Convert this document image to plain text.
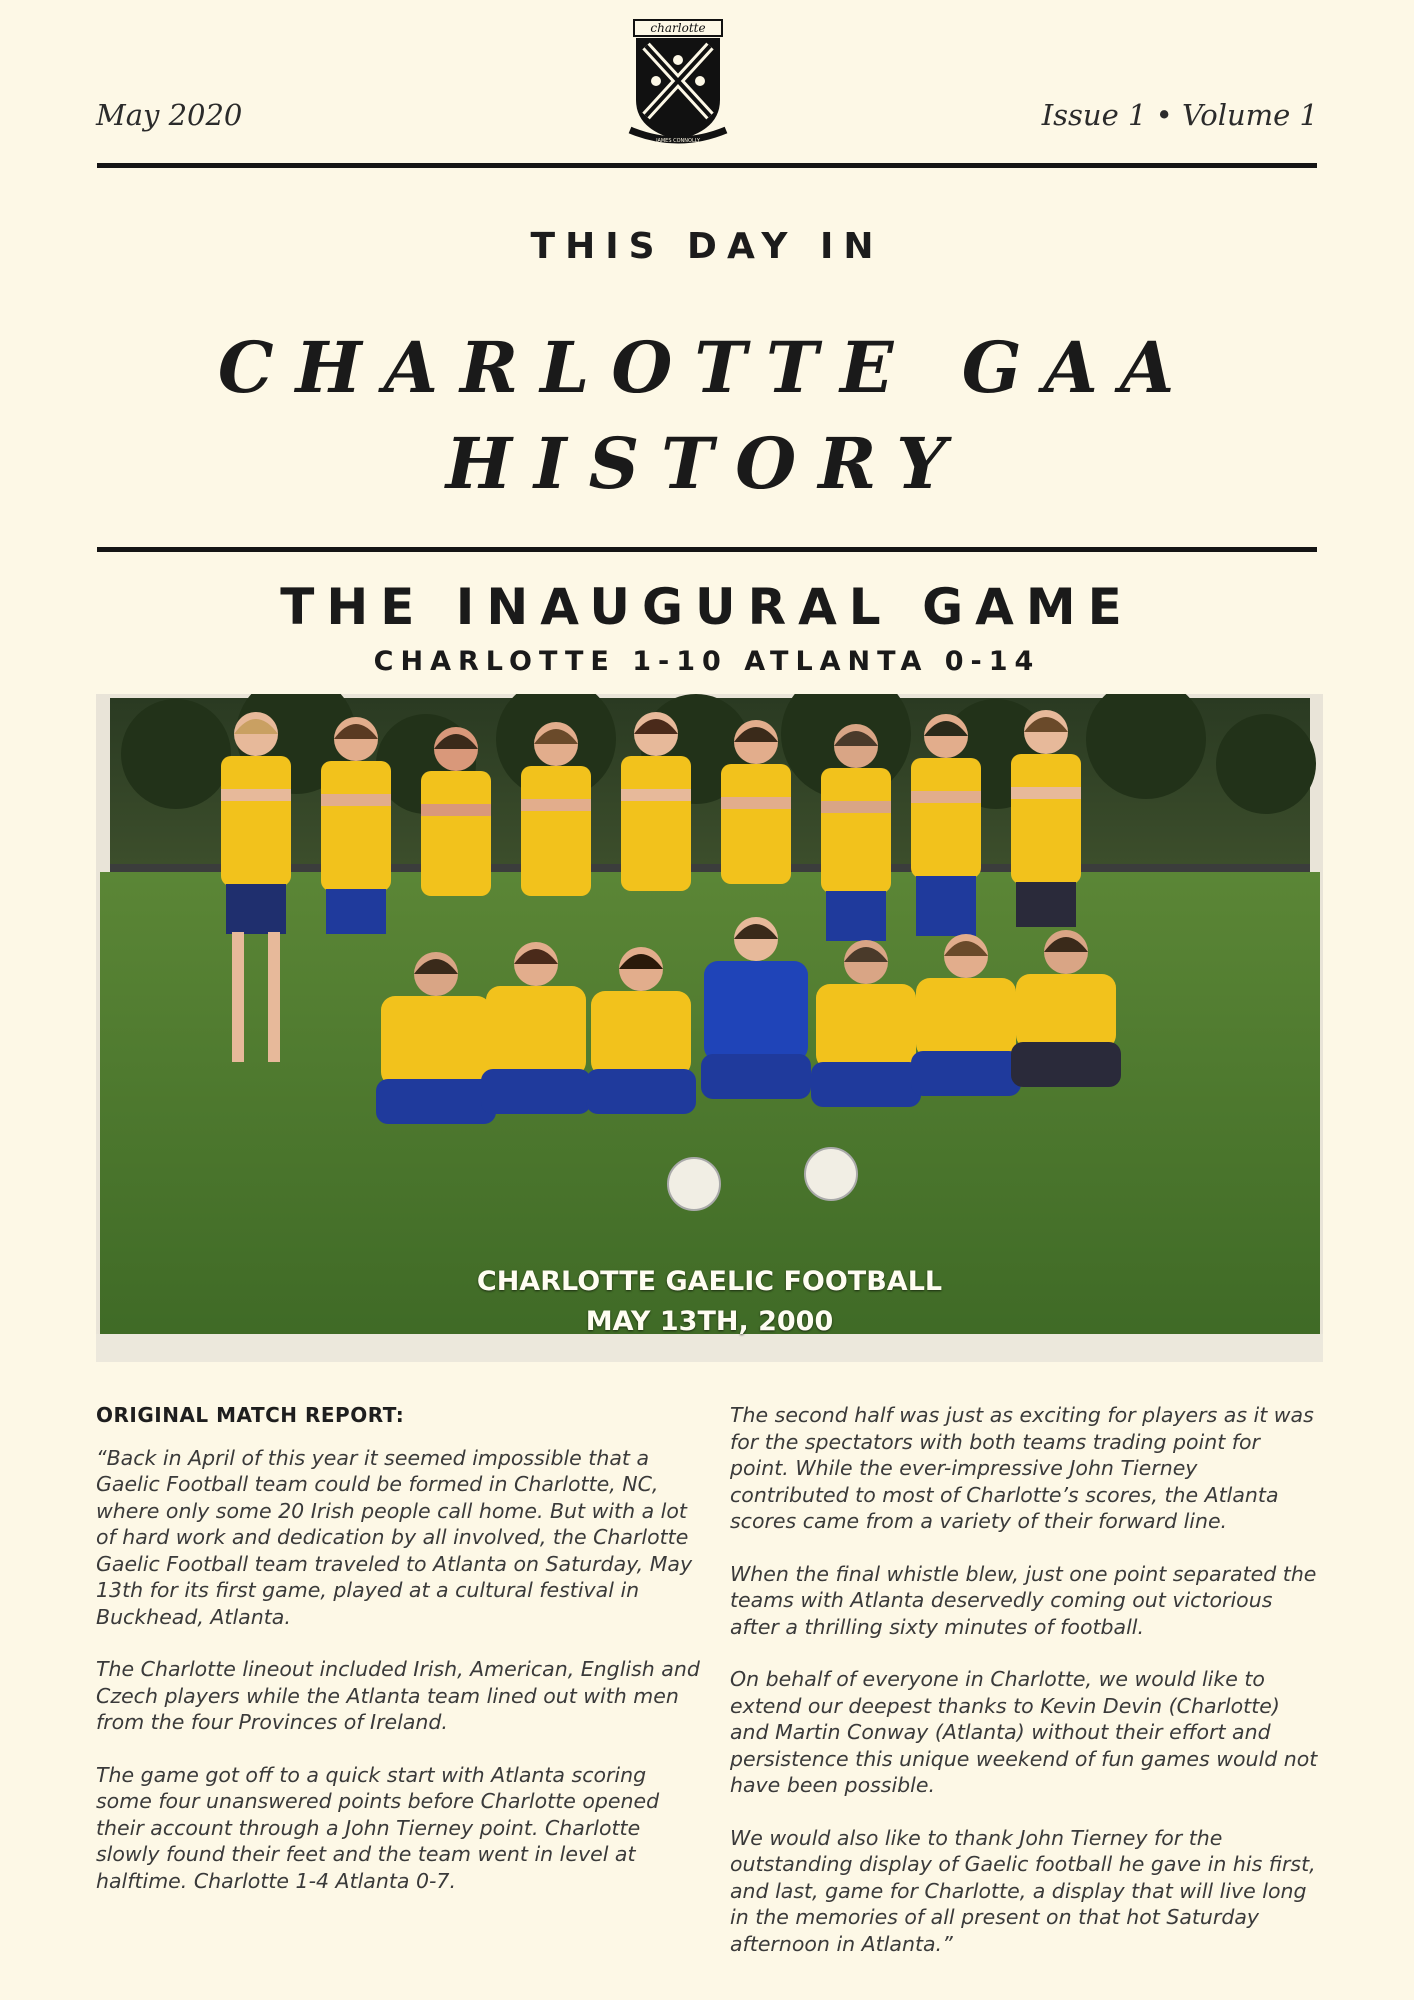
May 2020	Issue 1 • Volume 1
charlotte
JAMES CONNOLLY
THIS DAY IN
CHARLOTTE GAA
HISTORY
THE INAUGURAL GAME
CHARLOTTE 1-10 ATLANTA 0-14
CHARLOTTE GAELIC FOOTBALL
MAY 13TH, 2000

ORIGINAL MATCH REPORT:

“Back in April of this year it seemed impossible that a Gaelic Football team could be formed in Charlotte, NC, where only some 20 Irish people call home. But with a lot of hard work and dedication by all involved, the Charlotte Gaelic Football team traveled to Atlanta on Saturday, May 13th for its first game, played at a cultural festival in Buckhead, Atlanta.

The Charlotte lineout included Irish, American, English and Czech players while the Atlanta team lined out with men from the four Provinces of Ireland.

The game got off to a quick start with Atlanta scoring some four unanswered points before Charlotte opened their account through a John Tierney point. Charlotte slowly found their feet and the team went in level at halftime. Charlotte 1-4 Atlanta 0-7.

The second half was just as exciting for players as it was for the spectators with both teams trading point for point. While the ever-impressive John Tierney contributed to most of Charlotte’s scores, the Atlanta scores came from a variety of their forward line.

When the final whistle blew, just one point separated the teams with Atlanta deservedly coming out victorious after a thrilling sixty minutes of football.

On behalf of everyone in Charlotte, we would like to extend our deepest thanks to Kevin Devin (Charlotte) and Martin Conway (Atlanta) without their effort and persistence this unique weekend of fun games would not have been possible.

We would also like to thank John Tierney for the outstanding display of Gaelic football he gave in his first, and last, game for Charlotte, a display that will live long in the memories of all present on that hot Saturday afternoon in Atlanta.”
